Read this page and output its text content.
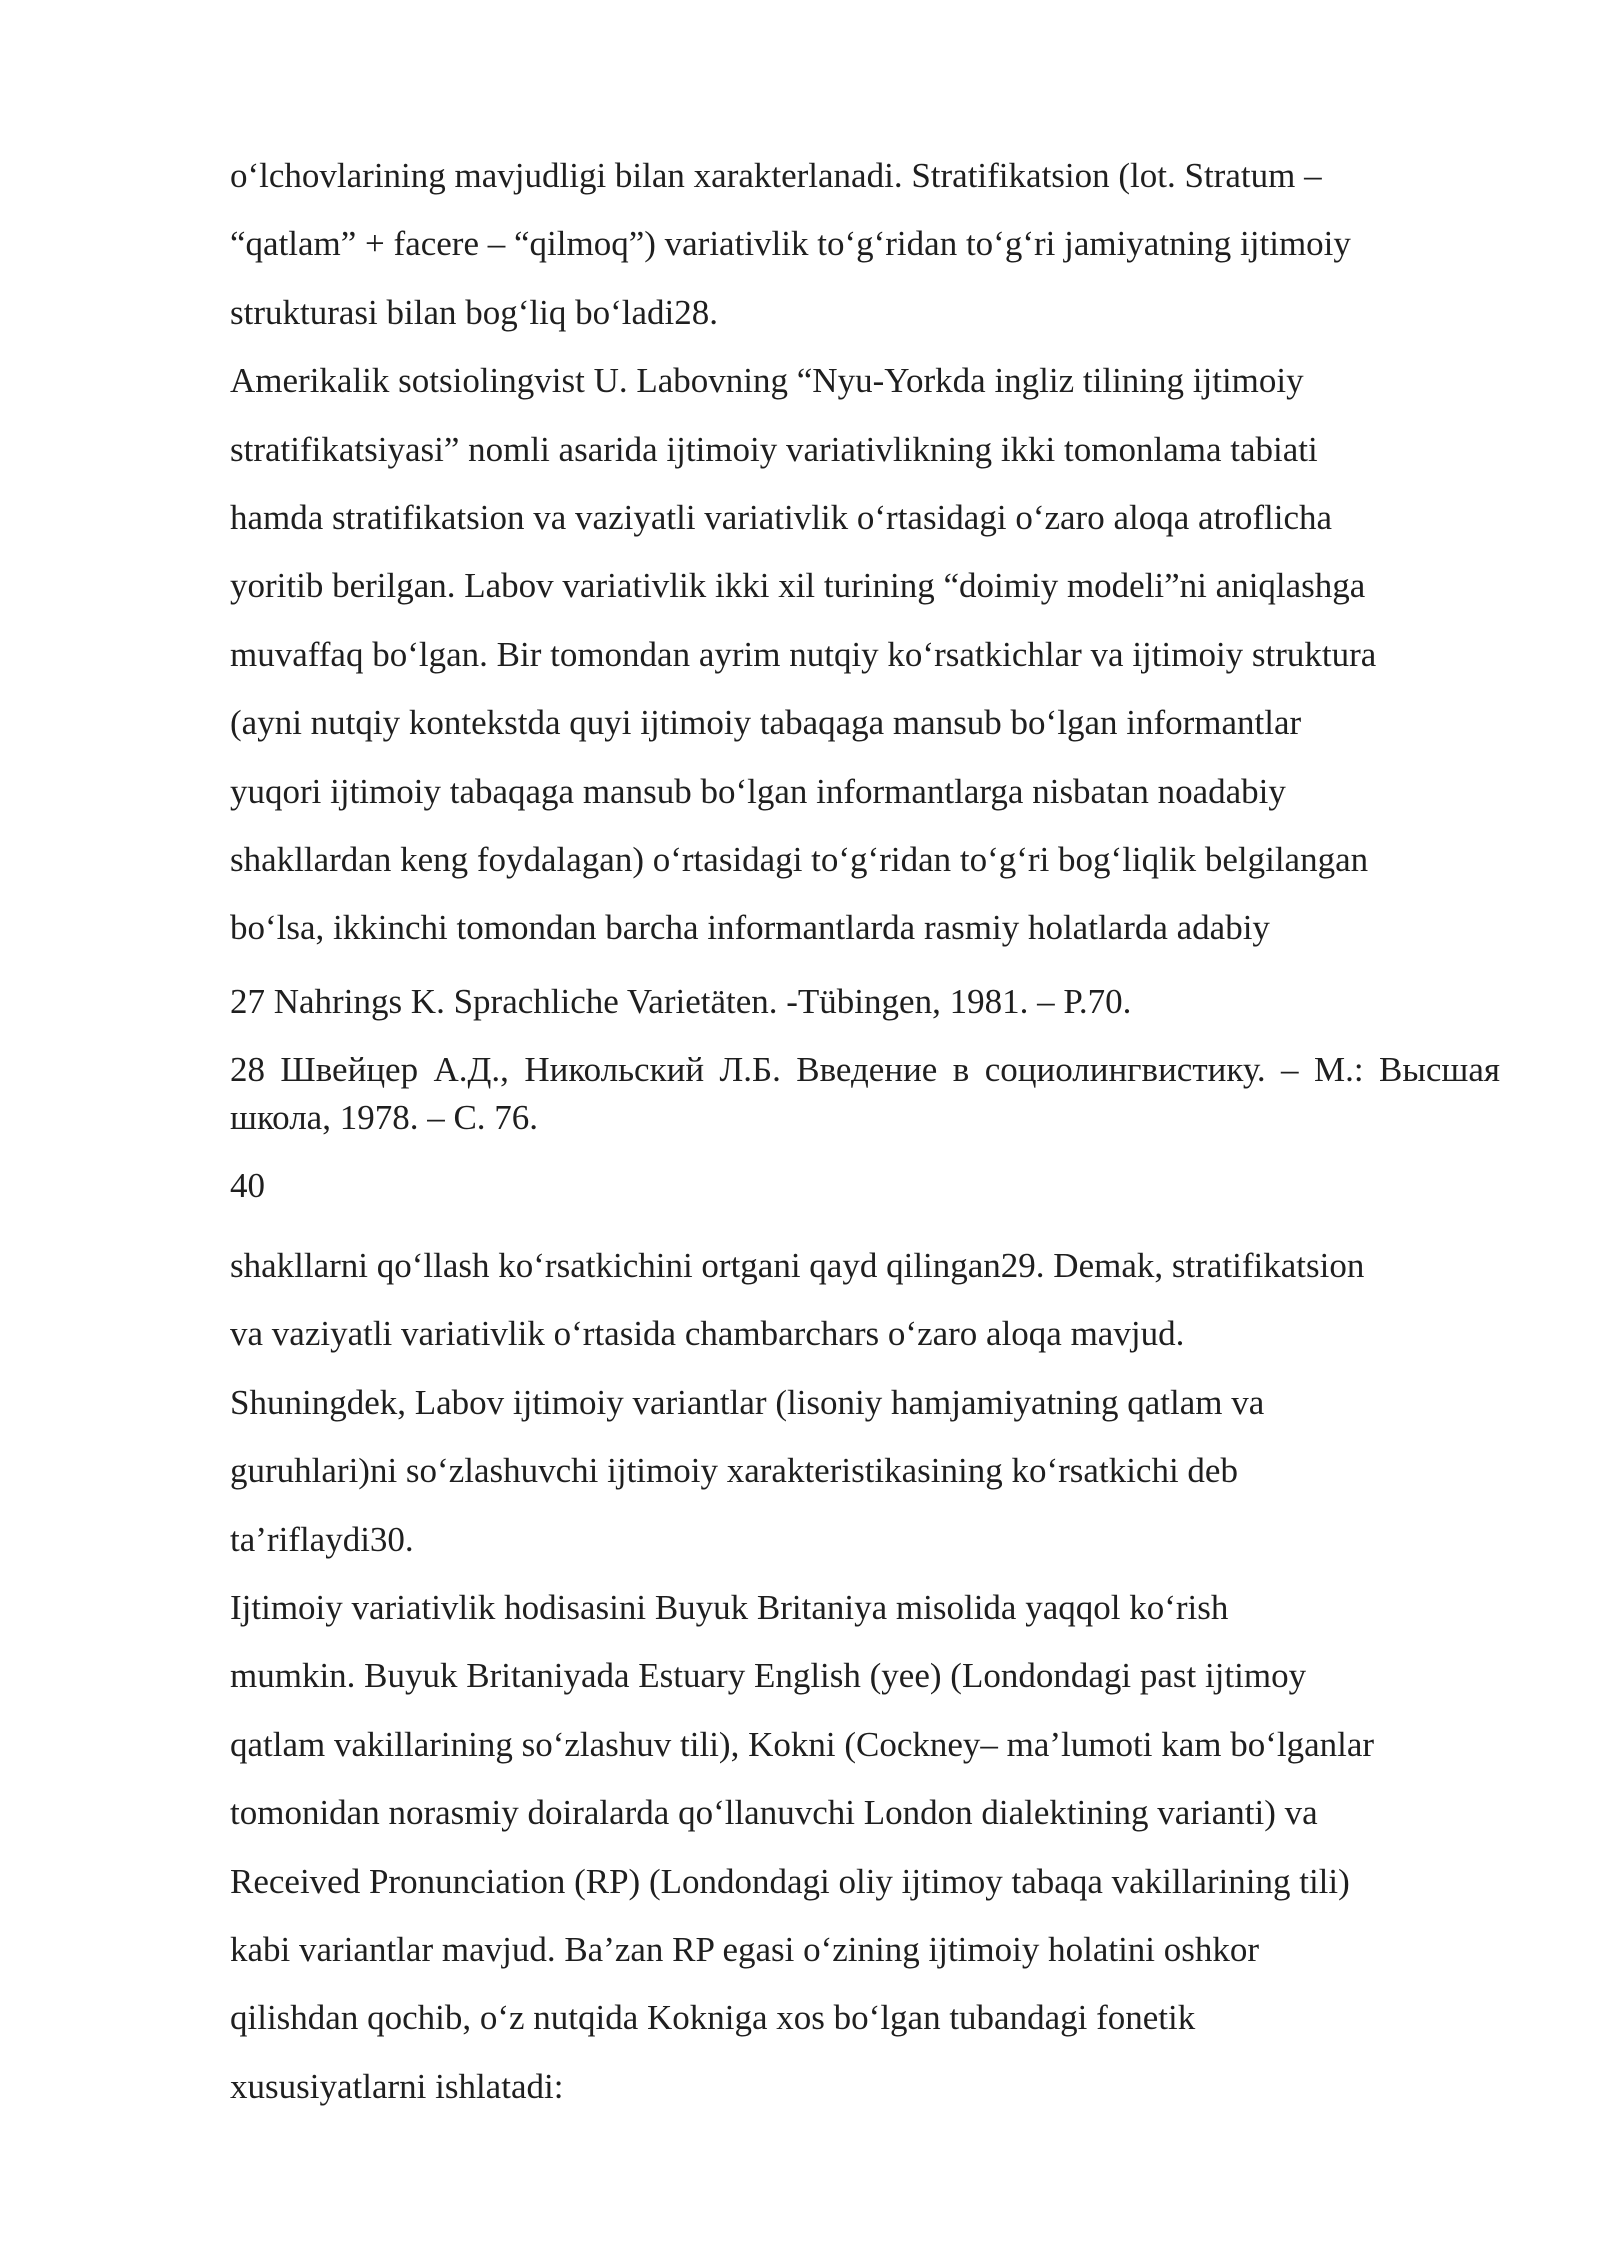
o‘lchovlarining mavjudligi bilan xarakterlanadi. Stratifikatsion (lot. Stratum –
“qatlam” + facere – “qilmoq”) variativlik to‘g‘ridan to‘g‘ri jamiyatning ijtimoiy
strukturasi bilan bog‘liq bo‘ladi28.
Amerikalik sotsiolingvist U. Labovning “Nyu-Yorkda ingliz tilining ijtimoiy
stratifikatsiyasi” nomli asarida ijtimoiy variativlikning ikki tomonlama tabiati
hamda stratifikatsion va vaziyatli variativlik o‘rtasidagi o‘zaro aloqa atroflicha
yoritib berilgan. Labov variativlik ikki xil turining “doimiy modeli”ni aniqlashga
muvaffaq bo‘lgan. Bir tomondan ayrim nutqiy ko‘rsatkichlar va ijtimoiy struktura
(ayni nutqiy kontekstda quyi ijtimoiy tabaqaga mansub bo‘lgan informantlar
yuqori ijtimoiy tabaqaga mansub bo‘lgan informantlarga nisbatan noadabiy
shakllardan keng foydalagan) o‘rtasidagi to‘g‘ridan to‘g‘ri bog‘liqlik belgilangan
bo‘lsa, ikkinchi tomondan barcha informantlarda rasmiy holatlarda adabiy
27 Nahrings K. Sprachliche Varietäten. -Tübingen, 1981. – P.70.
28 Швейцер А.Д., Никольский Л.Б. Введение в социолингвистику. – М.: Высшая школа, 1978. – С. 76.
40
shakllarni qo‘llash ko‘rsatkichini ortgani qayd qilingan29. Demak, stratifikatsion
va vaziyatli variativlik o‘rtasida chambarchars o‘zaro aloqa mavjud.
Shuningdek, Labov ijtimoiy variantlar (lisoniy hamjamiyatning qatlam va
guruhlari)ni so‘zlashuvchi ijtimoiy xarakteristikasining ko‘rsatkichi deb
ta’riflaydi30.
Ijtimoiy variativlik hodisasini Buyuk Britaniya misolida yaqqol ko‘rish
mumkin. Buyuk Britaniyada Estuary English (yee) (Londondagi past ijtimoy
qatlam vakillarining so‘zlashuv tili), Kokni (Cockney– ma’lumoti kam bo‘lganlar
tomonidan norasmiy doiralarda qo‘llanuvchi London dialektining varianti) va
Received Pronunciation (RP) (Londondagi oliy ijtimoy tabaqa vakillarining tili)
kabi variantlar mavjud. Ba’zan RP egasi o‘zining ijtimoiy holatini oshkor
qilishdan qochib, o‘z nutqida Kokniga xos bo‘lgan tubandagi fonetik
xususiyatlarni ishlatadi:
